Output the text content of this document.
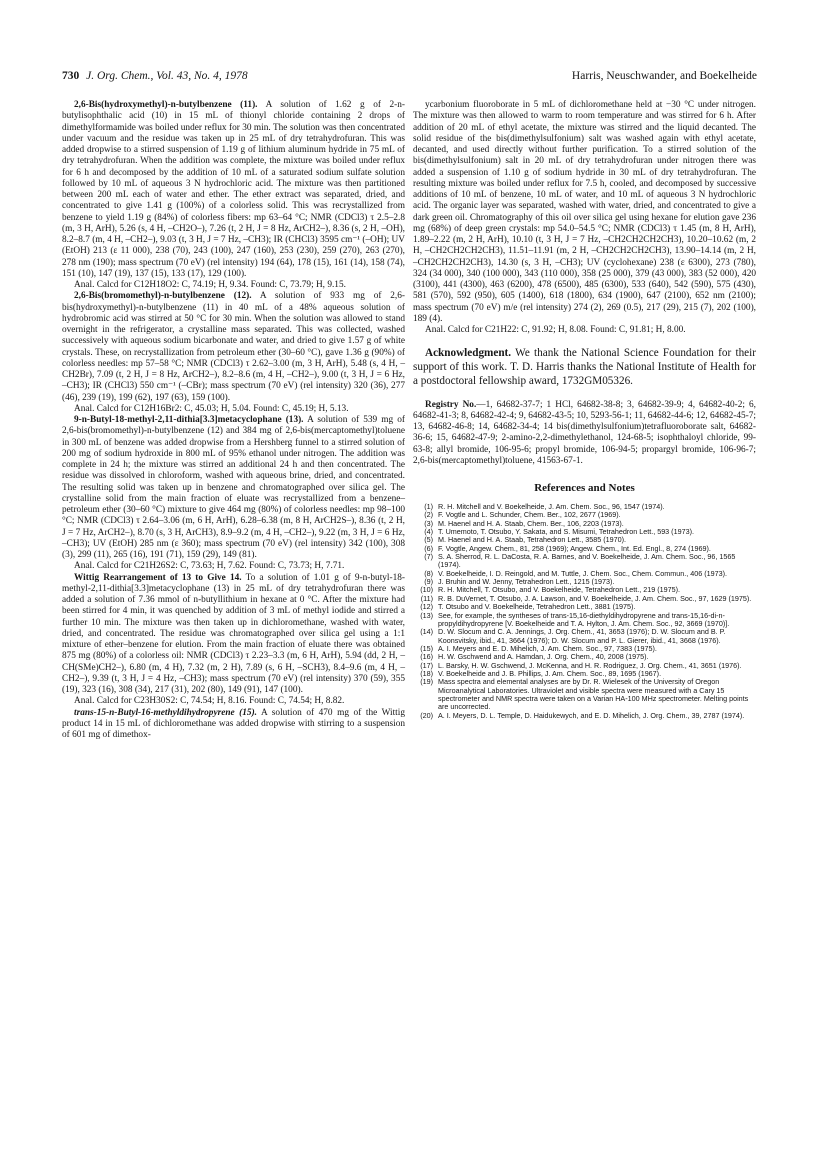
730 J. Org. Chem., Vol. 43, No. 4, 1978	Harris, Neuschwander, and Boekelheide

2,6-Bis(hydroxymethyl)-n-butylbenzene (11). A solution of 1.62 g of 2-n-butylisophthalic acid (10) in 15 mL of thionyl chloride containing 2 drops of dimethylformamide was boiled under reflux for 30 min. The solution was then concentrated under vacuum and the residue was taken up in 25 mL of dry tetrahydrofuran. This was added dropwise to a stirred suspension of 1.19 g of lithium aluminum hydride in 75 mL of dry tetrahydrofuran. When the addition was complete, the mixture was boiled under reflux for 6 h and decomposed by the addition of 10 mL of a saturated sodium sulfate solution followed by 10 mL of aqueous 3 N hydrochloric acid. The mixture was then partitioned between 200 mL each of water and ether. The ether extract was separated, dried, and concentrated to give 1.41 g (100%) of a colorless solid. This was recrystallized from benzene to yield 1.19 g (84%) of colorless fibers: mp 63–64 °C; NMR (CDCl3) τ 2.5–2.8 (m, 3 H, ArH), 5.26 (s, 4 H, –CH2O–), 7.26 (t, 2 H, J = 8 Hz, ArCH2–), 8.36 (s, 2 H, –OH), 8.2–8.7 (m, 4 H, –CH2–), 9.03 (t, 3 H, J = 7 Hz, –CH3); IR (CHCl3) 3595 cm⁻¹ (–OH); UV (EtOH) 213 (ε 11 000), 238 (70), 243 (100), 247 (160), 253 (230), 259 (270), 263 (270), 278 nm (190); mass spectrum (70 eV) (rel intensity) 194 (64), 178 (15), 161 (14), 158 (74), 151 (10), 147 (19), 137 (15), 133 (17), 129 (100).

Anal. Calcd for C12H18O2: C, 74.19; H, 9.34. Found: C, 73.79; H, 9.15.

2,6-Bis(bromomethyl)-n-butylbenzene (12). A solution of 933 mg of 2,6-bis(hydroxymethyl)-n-butylbenzene (11) in 40 mL of a 48% aqueous solution of hydrobromic acid was stirred at 50 °C for 30 min. When the solution was allowed to stand overnight in the refrigerator, a crystalline mass separated. This was collected, washed successively with aqueous sodium bicarbonate and water, and dried to give 1.57 g of white crystals. These, on recrystallization from petroleum ether (30–60 °C), gave 1.36 g (90%) of colorless needles: mp 57–58 °C; NMR (CDCl3) τ 2.62–3.00 (m, 3 H, ArH), 5.48 (s, 4 H, –CH2Br), 7.09 (t, 2 H, J = 8 Hz, ArCH2–), 8.2–8.6 (m, 4 H, –CH2–), 9.00 (t, 3 H, J = 6 Hz, –CH3); IR (CHCl3) 550 cm⁻¹ (–CBr); mass spectrum (70 eV) (rel intensity) 320 (36), 277 (46), 239 (19), 199 (62), 197 (63), 159 (100).

Anal. Calcd for C12H16Br2: C, 45.03; H, 5.04. Found: C, 45.19; H, 5.13.

9-n-Butyl-18-methyl-2,11-dithia[3.3]metacyclophane (13). A solution of 539 mg of 2,6-bis(bromomethyl)-n-butylbenzene (12) and 384 mg of 2,6-bis(mercaptomethyl)toluene in 300 mL of benzene was added dropwise from a Hershberg funnel to a stirred solution of 200 mg of sodium hydroxide in 800 mL of 95% ethanol under nitrogen. The addition was complete in 24 h; the mixture was stirred an additional 24 h and then concentrated. The residue was dissolved in chloroform, washed with aqueous brine, dried, and concentrated. The resulting solid was taken up in benzene and chromatographed over silica gel. The crystalline solid from the main fraction of eluate was recrystallized from a benzene–petroleum ether (30–60 °C) mixture to give 464 mg (80%) of colorless needles: mp 98–100 °C; NMR (CDCl3) τ 2.64–3.06 (m, 6 H, ArH), 6.28–6.38 (m, 8 H, ArCH2S–), 8.36 (t, 2 H, J = 7 Hz, ArCH2–), 8.70 (s, 3 H, ArCH3), 8.9–9.2 (m, 4 H, –CH2–), 9.22 (m, 3 H, J = 6 Hz, –CH3); UV (EtOH) 285 nm (ε 360); mass spectrum (70 eV) (rel intensity) 342 (100), 308 (3), 299 (11), 265 (16), 191 (71), 159 (29), 149 (81).

Anal. Calcd for C21H26S2: C, 73.63; H, 7.62. Found: C, 73.73; H, 7.71.

Wittig Rearrangement of 13 to Give 14. To a solution of 1.01 g of 9-n-butyl-18-methyl-2,11-dithia[3.3]metacyclophane (13) in 25 mL of dry tetrahydrofuran there was added a solution of 7.36 mmol of n-butyllithium in hexane at 0 °C. After the mixture had been stirred for 4 min, it was quenched by addition of 3 mL of methyl iodide and stirred a further 10 min. The mixture was then taken up in dichloromethane, washed with water, dried, and concentrated. The residue was chromatographed over silica gel using a 1:1 mixture of ether–benzene for elution. From the main fraction of eluate there was obtained 875 mg (80%) of a colorless oil: NMR (CDCl3) τ 2.23–3.3 (m, 6 H, ArH), 5.94 (dd, 2 H, –CH(SMe)CH2–), 6.80 (m, 4 H), 7.32 (m, 2 H), 7.89 (s, 6 H, –SCH3), 8.4–9.6 (m, 4 H, –CH2–), 9.39 (t, 3 H, J = 4 Hz, –CH3); mass spectrum (70 eV) (rel intensity) 370 (59), 355 (19), 323 (16), 308 (34), 217 (31), 202 (80), 149 (91), 147 (100).

Anal. Calcd for C23H30S2: C, 74.54; H, 8.16. Found: C, 74.54; H, 8.82.

trans-15-n-Butyl-16-methyldihydropyrene (15). A solution of 470 mg of the Wittig product 14 in 15 mL of dichloromethane was added dropwise with stirring to a suspension of 601 mg of dimethox-

ycarbonium fluoroborate in 5 mL of dichloromethane held at −30 °C under nitrogen. The mixture was then allowed to warm to room temperature and was stirred for 6 h. After addition of 20 mL of ethyl acetate, the mixture was stirred and the liquid decanted. The solid residue of the bis(dimethylsulfonium) salt was washed again with ethyl acetate, decanted, and used directly without further purification. To a stirred solution of the bis(dimethylsulfonium) salt in 20 mL of dry tetrahydrofuran under nitrogen there was added a suspension of 1.10 g of sodium hydride in 30 mL of dry tetrahydrofuran. The resulting mixture was boiled under reflux for 7.5 h, cooled, and decomposed by successive additions of 10 mL of benzene, 10 mL of water, and 10 mL of aqueous 3 N hydrochloric acid. The organic layer was separated, washed with water, dried, and concentrated to give a dark green oil. Chromatography of this oil over silica gel using hexane for elution gave 236 mg (68%) of deep green crystals: mp 54.0–54.5 °C; NMR (CDCl3) τ 1.45 (m, 8 H, ArH), 1.89–2.22 (m, 2 H, ArH), 10.10 (t, 3 H, J = 7 Hz, –CH2CH2CH2CH3), 10.20–10.62 (m, 2 H, –CH2CH2CH2CH3), 11.51–11.91 (m, 2 H, –CH2CH2CH2CH3), 13.90–14.14 (m, 2 H, –CH2CH2CH2CH3), 14.30 (s, 3 H, –CH3); UV (cyclohexane) 238 (ε 6300), 273 (780), 324 (34 000), 340 (100 000), 343 (110 000), 358 (25 000), 379 (43 000), 383 (52 000), 420 (3100), 441 (4300), 463 (6200), 478 (6500), 485 (6300), 533 (640), 542 (590), 575 (430), 581 (570), 592 (950), 605 (1400), 618 (1800), 634 (1900), 647 (2100), 652 nm (2100); mass spectrum (70 eV) m/e (rel intensity) 274 (2), 269 (0.5), 217 (29), 215 (7), 202 (100), 189 (4).

Anal. Calcd for C21H22: C, 91.92; H, 8.08. Found: C, 91.81; H, 8.00.

Acknowledgment. We thank the National Science Foundation for their support of this work. T. D. Harris thanks the National Institute of Health for a postdoctoral fellowship award, 1732GM05326.

Registry No.—1, 64682-37-7; 1 HCl, 64682-38-8; 3, 64682-39-9; 4, 64682-40-2; 6, 64682-41-3; 8, 64682-42-4; 9, 64682-43-5; 10, 5293-56-1; 11, 64682-44-6; 12, 64682-45-7; 13, 64682-46-8; 14, 64682-34-4; 14 bis(dimethylsulfonium)tetrafluoroborate salt, 64682-36-6; 15, 64682-47-9; 2-amino-2,2-dimethylethanol, 124-68-5; isophthaloyl chloride, 99-63-8; allyl bromide, 106-95-6; propyl bromide, 106-94-5; propargyl bromide, 106-96-7; 2,6-bis(mercaptomethyl)toluene, 41563-67-1.

References and Notes
(1) R. H. Mitchell and V. Boekelheide, J. Am. Chem. Soc., 96, 1547 (1974).
(2) F. Vogtle and L. Schunder, Chem. Ber., 102, 2677 (1969).
(3) M. Haenel and H. A. Staab, Chem. Ber., 106, 2203 (1973).
(4) T. Umemoto, T. Otsubo, Y. Sakata, and S. Misumi, Tetrahedron Lett., 593 (1973).
(5) M. Haenel and H. A. Staab, Tetrahedron Lett., 3585 (1970).
(6) F. Vogtle, Angew. Chem., 81, 258 (1969); Angew. Chem., Int. Ed. Engl., 8, 274 (1969).
(7) S. A. Sherrod, R. L. DaCosta, R. A. Barnes, and V. Boekelheide, J. Am. Chem. Soc., 96, 1565 (1974).
(8) V. Boekelheide, I. D. Reingold, and M. Tuttle, J. Chem. Soc., Chem. Commun., 406 (1973).
(9) J. Bruhin and W. Jenny, Tetrahedron Lett., 1215 (1973).
(10) R. H. Mitchell, T. Otsubo, and V. Boekelheide, Tetrahedron Lett., 219 (1975).
(11) R. B. DuVernet, T. Otsubo, J. A. Lawson, and V. Boekelheide, J. Am. Chem. Soc., 97, 1629 (1975).
(12) T. Otsubo and V. Boekelheide, Tetrahedron Lett., 3881 (1975).
(13) See, for example, the syntheses of trans-15,16-diethyldihydropyrene and trans-15,16-di-n-propyldihydropyrene [V. Boekelheide and T. A. Hylton, J. Am. Chem. Soc., 92, 3669 (1970)].
(14) D. W. Slocum and C. A. Jennings, J. Org. Chem., 41, 3653 (1976); D. W. Slocum and B. P. Koonsvitsky, ibid., 41, 3664 (1976); D. W. Slocum and P. L. Gierer, ibid., 41, 3668 (1976).
(15) A. I. Meyers and E. D. Mihelich, J. Am. Chem. Soc., 97, 7383 (1975).
(16) H. W. Gschwend and A. Hamdan, J. Org. Chem., 40, 2008 (1975).
(17) L. Barsky, H. W. Gschwend, J. McKenna, and H. R. Rodriguez, J. Org. Chem., 41, 3651 (1976).
(18) V. Boekelheide and J. B. Phillips, J. Am. Chem. Soc., 89, 1695 (1967).
(19) Mass spectra and elemental analyses are by Dr. R. Wielesek of the University of Oregon Microanalytical Laboratories. Ultraviolet and visible spectra were measured with a Cary 15 spectrometer and NMR spectra were taken on a Varian HA-100 MHz spectrometer. Melting points are uncorrected.
(20) A. I. Meyers, D. L. Temple, D. Haidukewych, and E. D. Mihelich, J. Org. Chem., 39, 2787 (1974).
